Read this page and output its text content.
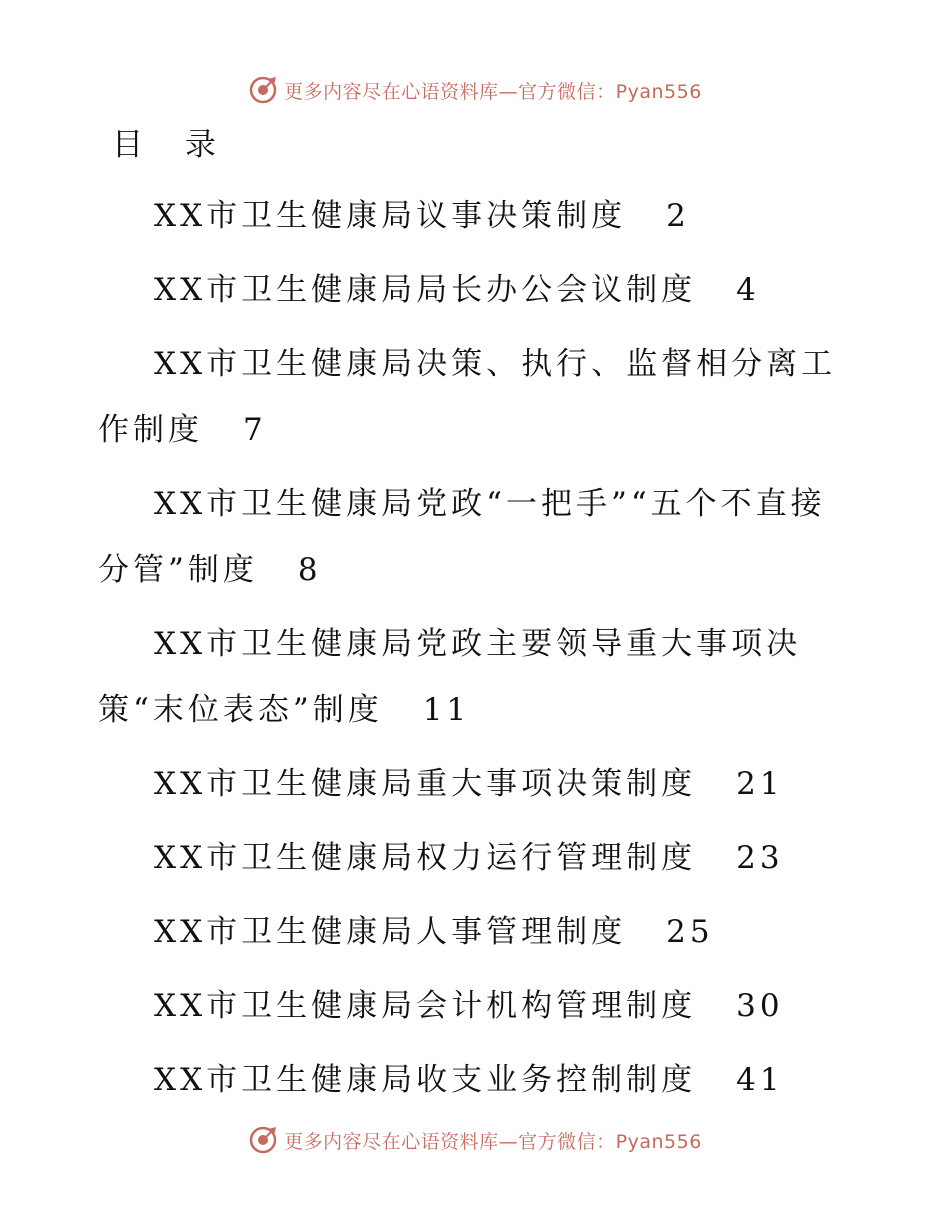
更多内容尽在心语资料库—官方微信：Pyan556
目 录
XX市卫生健康局议事决策制度 2
XX市卫生健康局局长办公会议制度 4
XX市卫生健康局决策、执行、监督相分离工作制度 7
XX市卫生健康局党政“一把手”“五个不直接分管”制度 8
XX市卫生健康局党政主要领导重大事项决策“末位表态”制度 11
XX市卫生健康局重大事项决策制度 21
XX市卫生健康局权力运行管理制度 23
XX市卫生健康局人事管理制度 25
XX市卫生健康局会计机构管理制度 30
XX市卫生健康局收支业务控制制度 41
更多内容尽在心语资料库—官方微信：Pyan556
